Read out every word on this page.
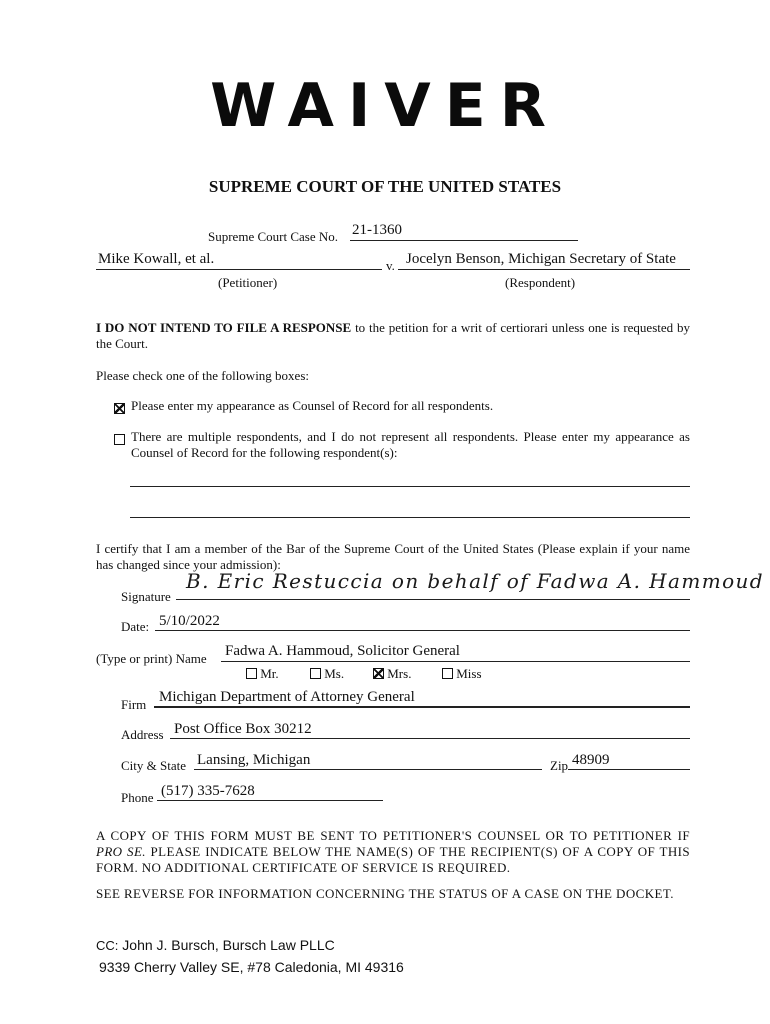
WAIVER
SUPREME COURT OF THE UNITED STATES
Supreme Court Case No. 21-1360
Mike Kowall, et al.	v. Jocelyn Benson, Michigan Secretary of State
(Petitioner)	(Respondent)
I DO NOT INTEND TO FILE A RESPONSE to the petition for a writ of certiorari unless one is requested by the Court.
Please check one of the following boxes:
Please enter my appearance as Counsel of Record for all respondents.
There are multiple respondents, and I do not represent all respondents. Please enter my appearance as Counsel of Record for the following respondent(s):
I certify that I am a member of the Bar of the Supreme Court of the United States (Please explain if your name has changed since your admission):
Signature
B. Eric Restuccia on behalf of Fadwa A. Hammoud
Date: 5/10/2022
(Type or print) Name Fadwa A. Hammoud, Solicitor General
Mr.	Ms.	Mrs.	Miss
Firm Michigan Department of Attorney General
Address Post Office Box 30212
City & State Lansing, Michigan	Zip 48909
Phone (517) 335-7628
A COPY OF THIS FORM MUST BE SENT TO PETITIONER'S COUNSEL OR TO PETITIONER IF PRO SE. PLEASE INDICATE BELOW THE NAME(S) OF THE RECIPIENT(S) OF A COPY OF THIS FORM. NO ADDITIONAL CERTIFICATE OF SERVICE IS REQUIRED.
SEE REVERSE FOR INFORMATION CONCERNING THE STATUS OF A CASE ON THE DOCKET.
CC: John J. Bursch, Bursch Law PLLC
9339 Cherry Valley SE, #78 Caledonia, MI 49316
